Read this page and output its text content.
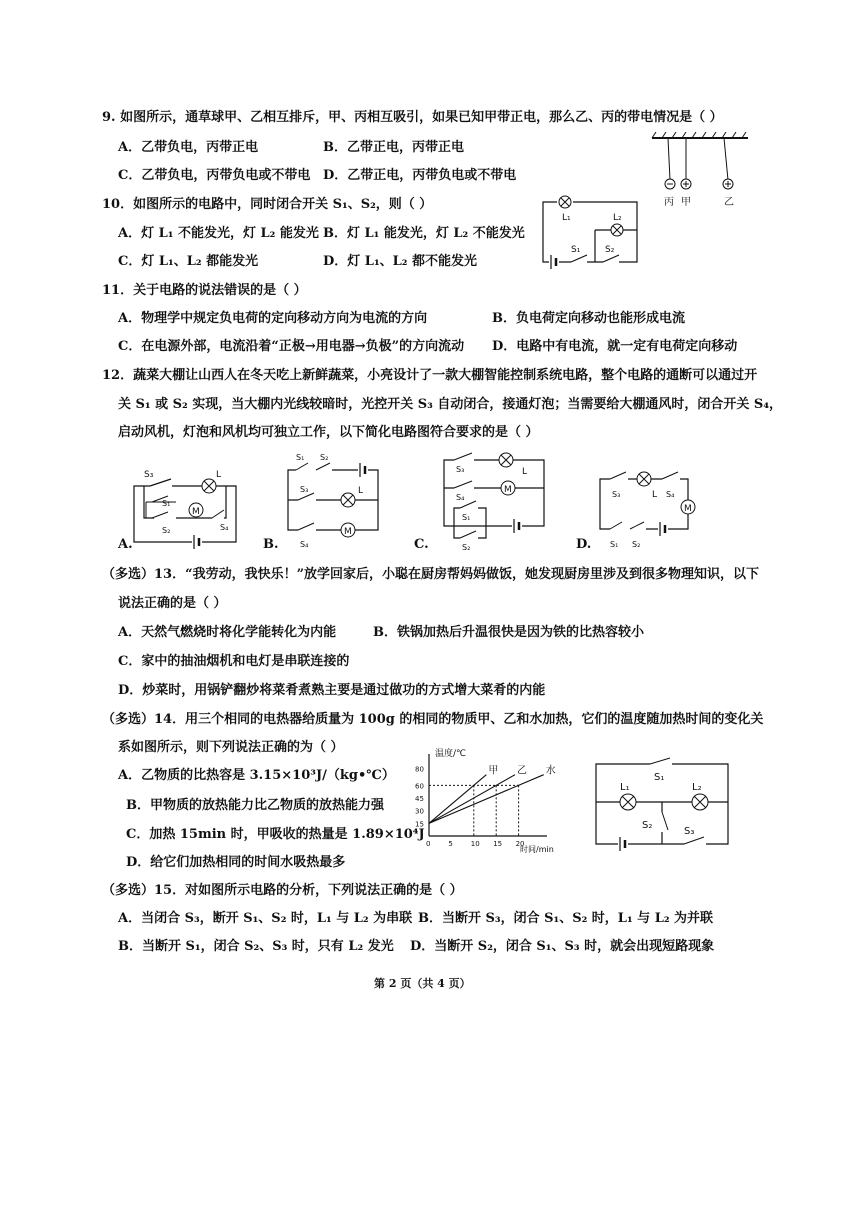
9. 如图所示，通草球甲、乙相互排斥，甲、丙相互吸引，如果已知甲带正电，那么乙、丙的带电情况是（ ）
A．乙带负电，丙带正电	B．乙带正电，丙带正电
C．乙带负电，丙带负电或不带电 D．乙带正电，丙带负电或不带电
丙 甲	乙
10．如图所示的电路中，同时闭合开关 S₁、S₂，则（ ）
A．灯 L₁ 不能发光，灯 L₂ 能发光 B．灯 L₁ 能发光，灯 L₂ 不能发光
C．灯 L₁、L₂ 都能发光	D．灯 L₁、L₂ 都不能发光
L₁	L₂
S₁	S₂
11．关于电路的说法错误的是（ ）
A．物理学中规定负电荷的定向移动方向为电流的方向	B．负电荷定向移动也能形成电流
C．在电源外部，电流沿着“正极→用电器→负极”的方向流动 D．电路中有电流，就一定有电荷定向移动
12．蔬菜大棚让山西人在冬天吃上新鲜蔬菜，小亮设计了一款大棚智能控制系统电路，整个电路的通断可以通过开
关 S₁ 或 S₂ 实现，当大棚内光线较暗时，光控开关 S₃ 自动闭合，接通灯泡；当需要给大棚通风时，闭合开关 S₄，
启动风机，灯泡和风机均可独立工作，以下简化电路图符合要求的是（ ）
M
S₃	L
S₁
S₂	S₄
A.
M
S₁ S₂
S₃	L
S₄
B.
M
S₃	L
S₄
S₁
S₂
C.
M
S₃	L S₄
S₁ S₂
D.
（多选）13．“我劳动，我快乐！”放学回家后，小聪在厨房帮妈妈做饭，她发现厨房里涉及到很多物理知识，以下
说法正确的是（ ）
A．天然气燃烧时将化学能转化为内能	B．铁锅加热后升温很快是因为铁的比热容较小
C．家中的抽油烟机和电灯是串联连接的
D．炒菜时，用锅铲翻炒将菜肴煮熟主要是通过做功的方式增大菜肴的内能
（多选）14．用三个相同的电热器给质量为 100g 的相同的物质甲、乙和水加热，它们的温度随加热时间的变化关
系如图所示，则下列说法正确的为（ ）
A．乙物质的比热容是 3.15×10³J/（kg•℃）
B．甲物质的放热能力比乙物质的放热能力强
C．加热 15min 时，甲吸收的热量是 1.89×10⁴J
D．给它们加热相同的时间水吸热最多
甲 乙 水
0	5	10 15 20
15
30
45
60
80
温度/℃
时间/min
S₁
L₁	L₂
S₂
S₃
（多选）15．对如图所示电路的分析，下列说法正确的是（ ）
A．当闭合 S₃，断开 S₁、S₂ 时，L₁ 与 L₂ 为串联 B．当断开 S₃，闭合 S₁、S₂ 时，L₁ 与 L₂ 为并联
B．当断开 S₁，闭合 S₂、S₃ 时，只有 L₂ 发光 D．当断开 S₂，闭合 S₁、S₃ 时，就会出现短路现象
第 2 页（共 4 页）
